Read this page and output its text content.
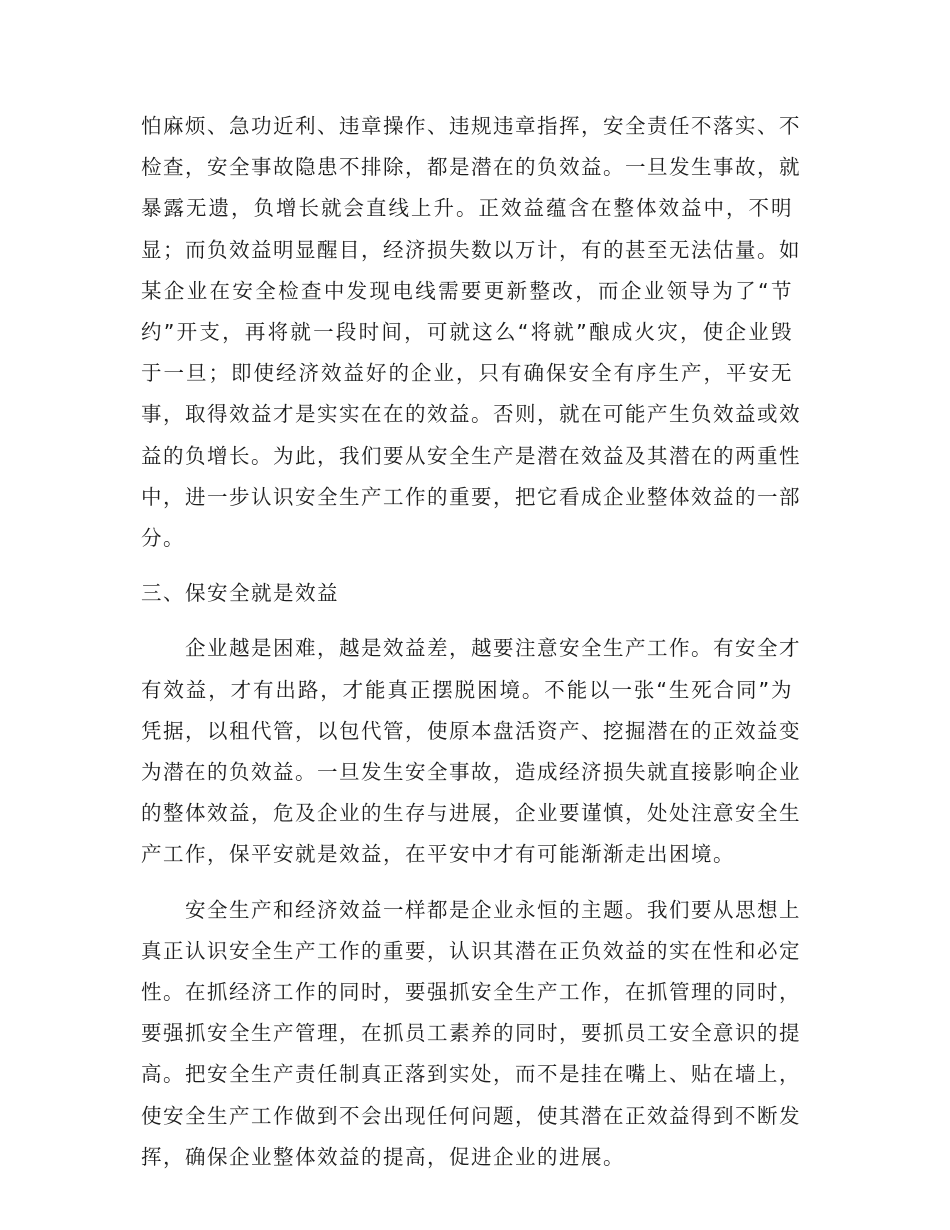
怕麻烦、急功近利、违章操作、违规违章指挥，安全责任不落实、不
检查，安全事故隐患不排除，都是潜在的负效益。一旦发生事故，就
暴露无遗，负增长就会直线上升。正效益蕴含在整体效益中，不明
显；而负效益明显醒目，经济损失数以万计，有的甚至无法估量。如
某企业在安全检查中发现电线需要更新整改，而企业领导为了“节
约”开支，再将就一段时间，可就这么“将就”酿成火灾，使企业毁
于一旦；即使经济效益好的企业，只有确保安全有序生产，平安无
事，取得效益才是实实在在的效益。否则，就在可能产生负效益或效
益的负增长。为此，我们要从安全生产是潜在效益及其潜在的两重性
中，进一步认识安全生产工作的重要，把它看成企业整体效益的一部
分。

三、保安全就是效益

企业越是困难，越是效益差，越要注意安全生产工作。有安全才
有效益，才有出路，才能真正摆脱困境。不能以一张“生死合同”为
凭据，以租代管，以包代管，使原本盘活资产、挖掘潜在的正效益变
为潜在的负效益。一旦发生安全事故，造成经济损失就直接影响企业
的整体效益，危及企业的生存与进展，企业要谨慎，处处注意安全生
产工作，保平安就是效益，在平安中才有可能渐渐走出困境。

安全生产和经济效益一样都是企业永恒的主题。我们要从思想上
真正认识安全生产工作的重要，认识其潜在正负效益的实在性和必定
性。在抓经济工作的同时，要强抓安全生产工作，在抓管理的同时，
要强抓安全生产管理，在抓员工素养的同时，要抓员工安全意识的提
高。把安全生产责任制真正落到实处，而不是挂在嘴上、贴在墙上，
使安全生产工作做到不会出现任何问题，使其潜在正效益得到不断发
挥，确保企业整体效益的提高，促进企业的进展。
